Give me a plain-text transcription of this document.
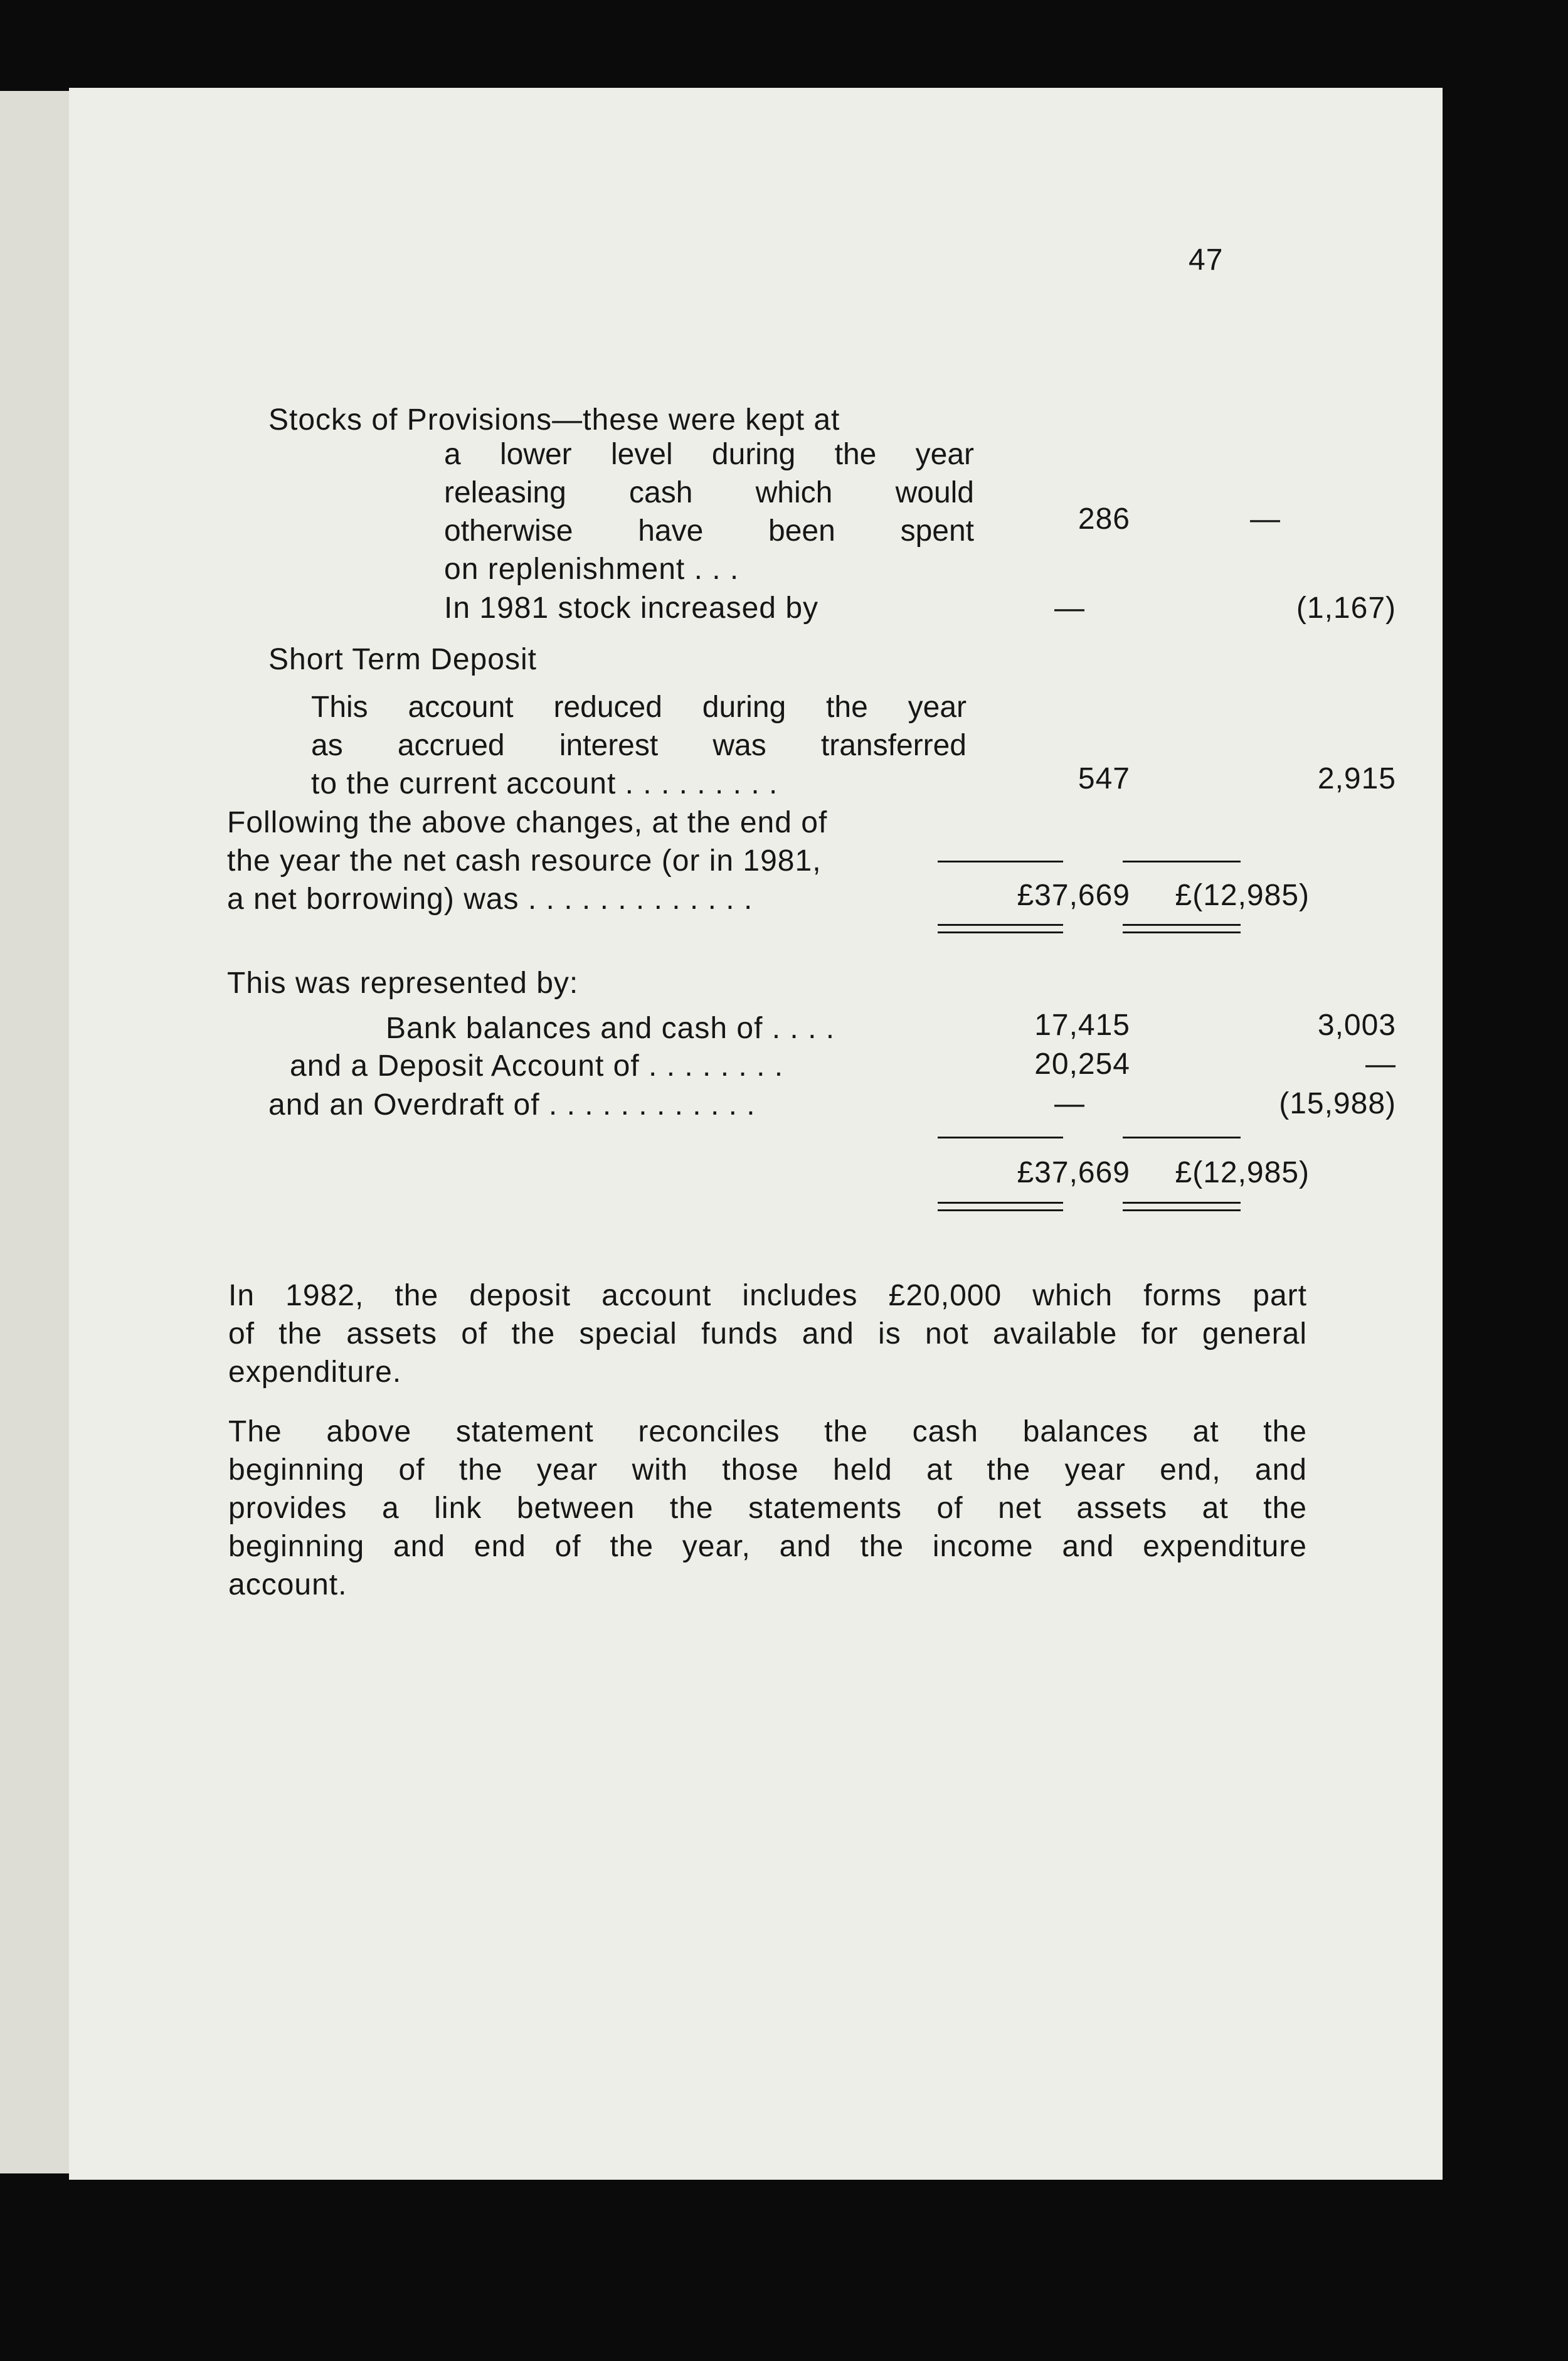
47
Stocks of Provisions—these were kept at
a lower level during the year
releasing cash which would
otherwise have been spent
on replenishment . . .
286	—
In 1981 stock increased by	—	(1,167)
Short Term Deposit
This account reduced during the year
as accrued interest was transferred
to the current account . . . . . . . . .	547	2,915
Following the above changes, at the end of
the year the net cash resource (or in 1981,
a net borrowing) was . . . . . . . . . . . . .	£37,669	£(12,985)
This was represented by:
Bank balances and cash of . . . .	17,415	3,003
and a Deposit Account of . . . . . . . .	20,254	—
and an Overdraft of . . . . . . . . . . . .	—	(15,988)
£37,669	£(12,985)
In 1982, the deposit account includes £20,000 which forms part
of the assets of the special funds and is not available for general
expenditure.
The above statement reconciles the cash balances at the
beginning of the year with those held at the year end, and
provides a link between the statements of net assets at the
beginning and end of the year, and the income and expenditure
account.
